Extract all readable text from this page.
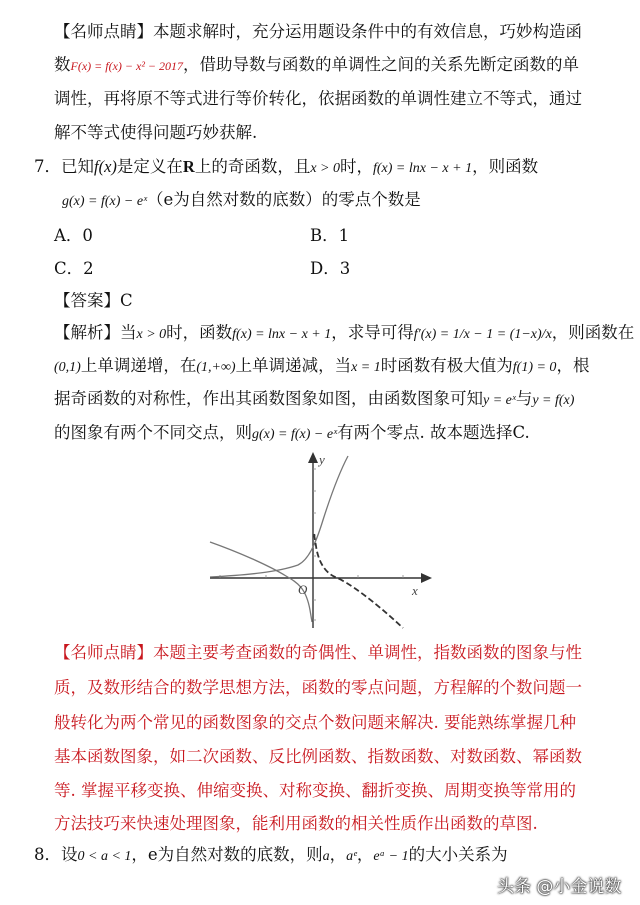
【名师点睛】本题求解时，充分运用题设条件中的有效信息，巧妙构造函
数F(x) = f(x) − x² − 2017，借助导数与函数的单调性之间的关系先断定函数的单
调性，再将原不等式进行等价转化，依据函数的单调性建立不等式，通过
解不等式使得问题巧妙获解.
7．已知f(x)是定义在R上的奇函数，且x > 0时，f(x) = lnx − x + 1，则函数
g(x) = f(x) − eˣ（e为自然对数的底数）的零点个数是
A．0	B．1
C．2	D．3
【答案】C
【解析】当x > 0时，函数f(x) = lnx − x + 1，求导可得f′(x) = 1/x − 1 = (1−x)/x，则函数在
(0,1)上单调递增，在(1,+∞)上单调递减，当x = 1时函数有极大值为f(1) = 0，根
据奇函数的对称性，作出其函数图象如图，由函数图象可知y = eˣ与y = f(x)
的图象有两个不同交点，则g(x) = f(x) − eˣ有两个零点. 故本题选择C.
y
x
O
【名师点睛】本题主要考查函数的奇偶性、单调性，指数函数的图象与性
质，及数形结合的数学思想方法，函数的零点问题，方程解的个数问题一
般转化为两个常见的函数图象的交点个数问题来解决. 要能熟练掌握几种
基本函数图象，如二次函数、反比例函数、指数函数、对数函数、幂函数
等. 掌握平移变换、伸缩变换、对称变换、翻折变换、周期变换等常用的
方法技巧来快速处理图象，能利用函数的相关性质作出函数的草图.
8．设0 < a < 1，e为自然对数的底数，则a，aᵉ，eᵃ − 1的大小关系为
头条 @小金说数
